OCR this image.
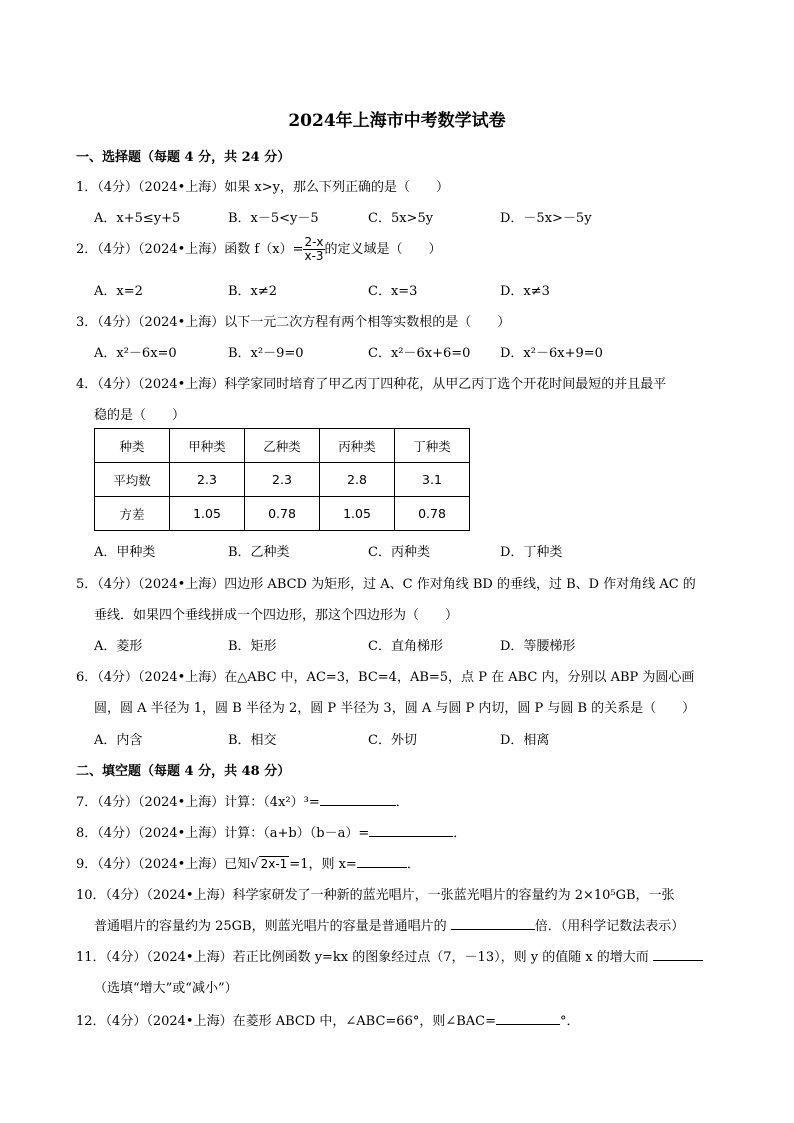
2024年上海市中考数学试卷
一、选择题（每题 4 分，共 24 分）
1．（4分）（2024•上海）如果 x>y，那么下列正确的是（　　）
A．x+5≤y+5	B．x－5<y－5	C．5x>5y	D．－5x>－5y
2．（4分）（2024•上海）函数 $f(x)= \frac{2-x}{x-3}$ 的定义域是（　　）
A．x=2	B．x≠2	C．x=3	D．x≠3
3．（4分）（2024•上海）以下一元二次方程有两个相等实数根的是（　　）
A．x²－6x=0	B．x²－9=0	C．x²－6x+6=0 D．x²－6x+9=0
4．（4分）（2024•上海）科学家同时培育了甲乙丙丁四种花，从甲乙丙丁选个开花时间最短的并且最平
稳的是（　　）
种类	甲种类	乙种类	丙种类	丁种类
平均数	2.3	2.3	2.8	3.1
方差	1.05	0.78	1.05	0.78
A．甲种类	B．乙种类	C．丙种类	D．丁种类
5．（4分）（2024•上海）四边形 ABCD 为矩形，过 A、C 作对角线 BD 的垂线，过 B、D 作对角线 AC 的
垂线．如果四个垂线拼成一个四边形，那这个四边形为（　　）
A．菱形	B．矩形	C．直角梯形	D．等腰梯形
6．（4分）（2024•上海）在△ABC 中，AC=3，BC=4，AB=5，点 P 在 ABC 内，分别以 ABP 为圆心画
圆，圆 A 半径为 1，圆 B 半径为 2，圆 P 半径为 3，圆 A 与圆 P 内切，圆 P 与圆 B 的关系是（　　）
A．内含	B．相交	C．外切	D．相离
二、填空题（每题 4 分，共 48 分）
7．（4分）（2024•上海）计算：（4x²）³=	．
8．（4分）（2024•上海）计算：（a+b）（b－a）=	．
9．（4分）（2024•上海）已知√ 2x-1 =1，则 x=	．
10．（4分）（2024•上海）科学家研发了一种新的蓝光唱片，一张蓝光唱片的容量约为 2×10⁵GB，一张
普通唱片的容量约为 25GB，则蓝光唱片的容量是普通唱片的	倍．（用科学记数法表示）
11．（4分）（2024•上海）若正比例函数 y=kx 的图象经过点（7，－13），则 y 的值随 x 的增大而
（选填“增大”或“减小”）
12．（4分）（2024•上海）在菱形 ABCD 中，∠ABC=66°，则∠BAC=	°．
